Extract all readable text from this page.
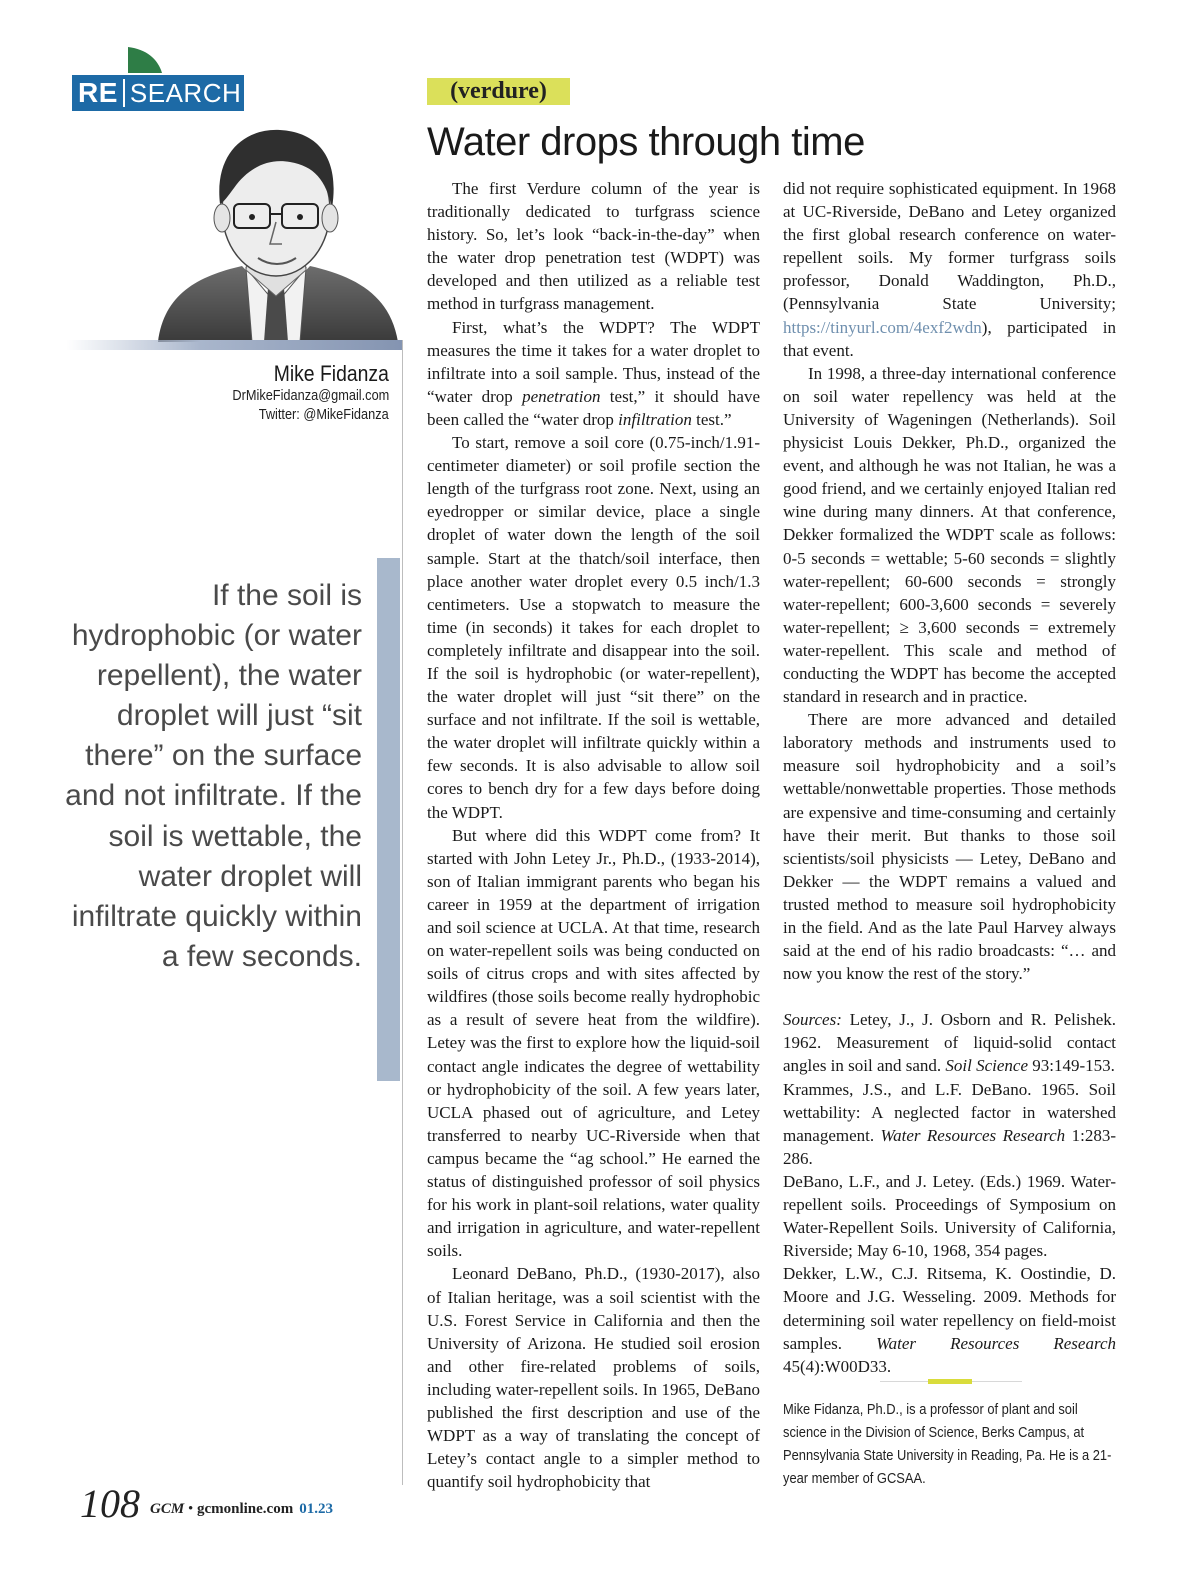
RE SEARCH
Mike Fidanza
DrMikeFidanza@gmail.com
Twitter: @MikeFidanza
If the soil is hydrophobic (or water repellent), the water droplet will just “sit there” on the surface and not infiltrate. If the soil is wettable, the water droplet will infiltrate quickly within a few seconds.
(verdure)
Water drops through time

The first Verdure column of the year is traditionally dedicated to turfgrass science history. So, let’s look “back-in-the-day” when the water drop penetration test (WDPT) was developed and then utilized as a reliable test method in turfgrass management.

First, what’s the WDPT? The WDPT measures the time it takes for a water droplet to infiltrate into a soil sample. Thus, instead of the “water drop penetration test,” it should have been called the “water drop infiltration test.”

To start, remove a soil core (0.75-inch/1.91-centimeter diameter) or soil profile section the length of the turfgrass root zone. Next, using an eyedropper or similar device, place a single droplet of water down the length of the soil sample. Start at the thatch/soil interface, then place another water droplet every 0.5 inch/1.3 centimeters. Use a stopwatch to measure the time (in seconds) it takes for each droplet to completely infiltrate and disappear into the soil. If the soil is hydrophobic (or water-repellent), the water droplet will just “sit there” on the surface and not infiltrate. If the soil is wettable, the water droplet will infiltrate quickly within a few seconds. It is also advisable to allow soil cores to bench dry for a few days before doing the WDPT.

But where did this WDPT come from? It started with John Letey Jr., Ph.D., (1933-2014), son of Italian immigrant parents who began his career in 1959 at the department of irrigation and soil science at UCLA. At that time, research on water-repellent soils was being conducted on soils of citrus crops and with sites affected by wildfires (those soils become really hydrophobic as a result of severe heat from the wildfire). Letey was the first to explore how the liquid-soil contact angle indicates the degree of wettability or hydrophobicity of the soil. A few years later, UCLA phased out of agriculture, and Letey transferred to nearby UC-Riverside when that campus became the “ag school.” He earned the status of distinguished professor of soil physics for his work in plant-soil relations, water quality and irrigation in agriculture, and water-repellent soils.

Leonard DeBano, Ph.D., (1930-2017), also of Italian heritage, was a soil scientist with the U.S. Forest Service in California and then the University of Arizona. He studied soil erosion and other fire-related problems of soils, including water-repellent soils. In 1965, DeBano published the first description and use of the WDPT as a way of translating the concept of Letey’s contact angle to a simpler method to quantify soil hydrophobicity that

did not require sophisticated equipment. In 1968 at UC-Riverside, DeBano and Letey organized the first global research conference on water-repellent soils. My former turfgrass soils professor, Donald Waddington, Ph.D., (Pennsylvania State University; https://tinyurl.com/4exf2wdn), participated in that event.

In 1998, a three-day international conference on soil water repellency was held at the University of Wageningen (Netherlands). Soil physicist Louis Dekker, Ph.D., organized the event, and although he was not Italian, he was a good friend, and we certainly enjoyed Italian red wine during many dinners. At that conference, Dekker formalized the WDPT scale as follows: 0-5 seconds = wettable; 5-60 seconds = slightly water-repellent; 60-600 seconds = strongly water-repellent; 600-3,600 seconds = severely water-repellent; ≥ 3,600 seconds = extremely water-repellent. This scale and method of conducting the WDPT has become the accepted standard in research and in practice.

There are more advanced and detailed laboratory methods and instruments used to measure soil hydrophobicity and a soil’s wettable/nonwettable properties. Those methods are expensive and time-consuming and certainly have their merit. But thanks to those soil scientists/soil physicists — Letey, DeBano and Dekker — the WDPT remains a valued and trusted method to measure soil hydrophobicity in the field. And as the late Paul Harvey always said at the end of his radio broadcasts: “… and now you know the rest of the story.”

Sources: Letey, J., J. Osborn and R. Pelishek. 1962. Measurement of liquid-solid contact angles in soil and sand. Soil Science 93:149-153.

Krammes, J.S., and L.F. DeBano. 1965. Soil wettability: A neglected factor in watershed management. Water Resources Research 1:283-286.

DeBano, L.F., and J. Letey. (Eds.) 1969. Water-repellent soils. Proceedings of Symposium on Water-Repellent Soils. University of California, Riverside; May 6-10, 1968, 354 pages.

Dekker, L.W., C.J. Ritsema, K. Oostindie, D. Moore and J.G. Wesseling. 2009. Methods for determining soil water repellency on field-moist samples. Water Resources Research 45(4):W00D33.

Mike Fidanza, Ph.D., is a professor of plant and soil science in the Division of Science, Berks Campus, at Pennsylvania State University in Reading, Pa. He is a 21-year member of GCSAA.
108 GCM • gcmonline.com 01.23
